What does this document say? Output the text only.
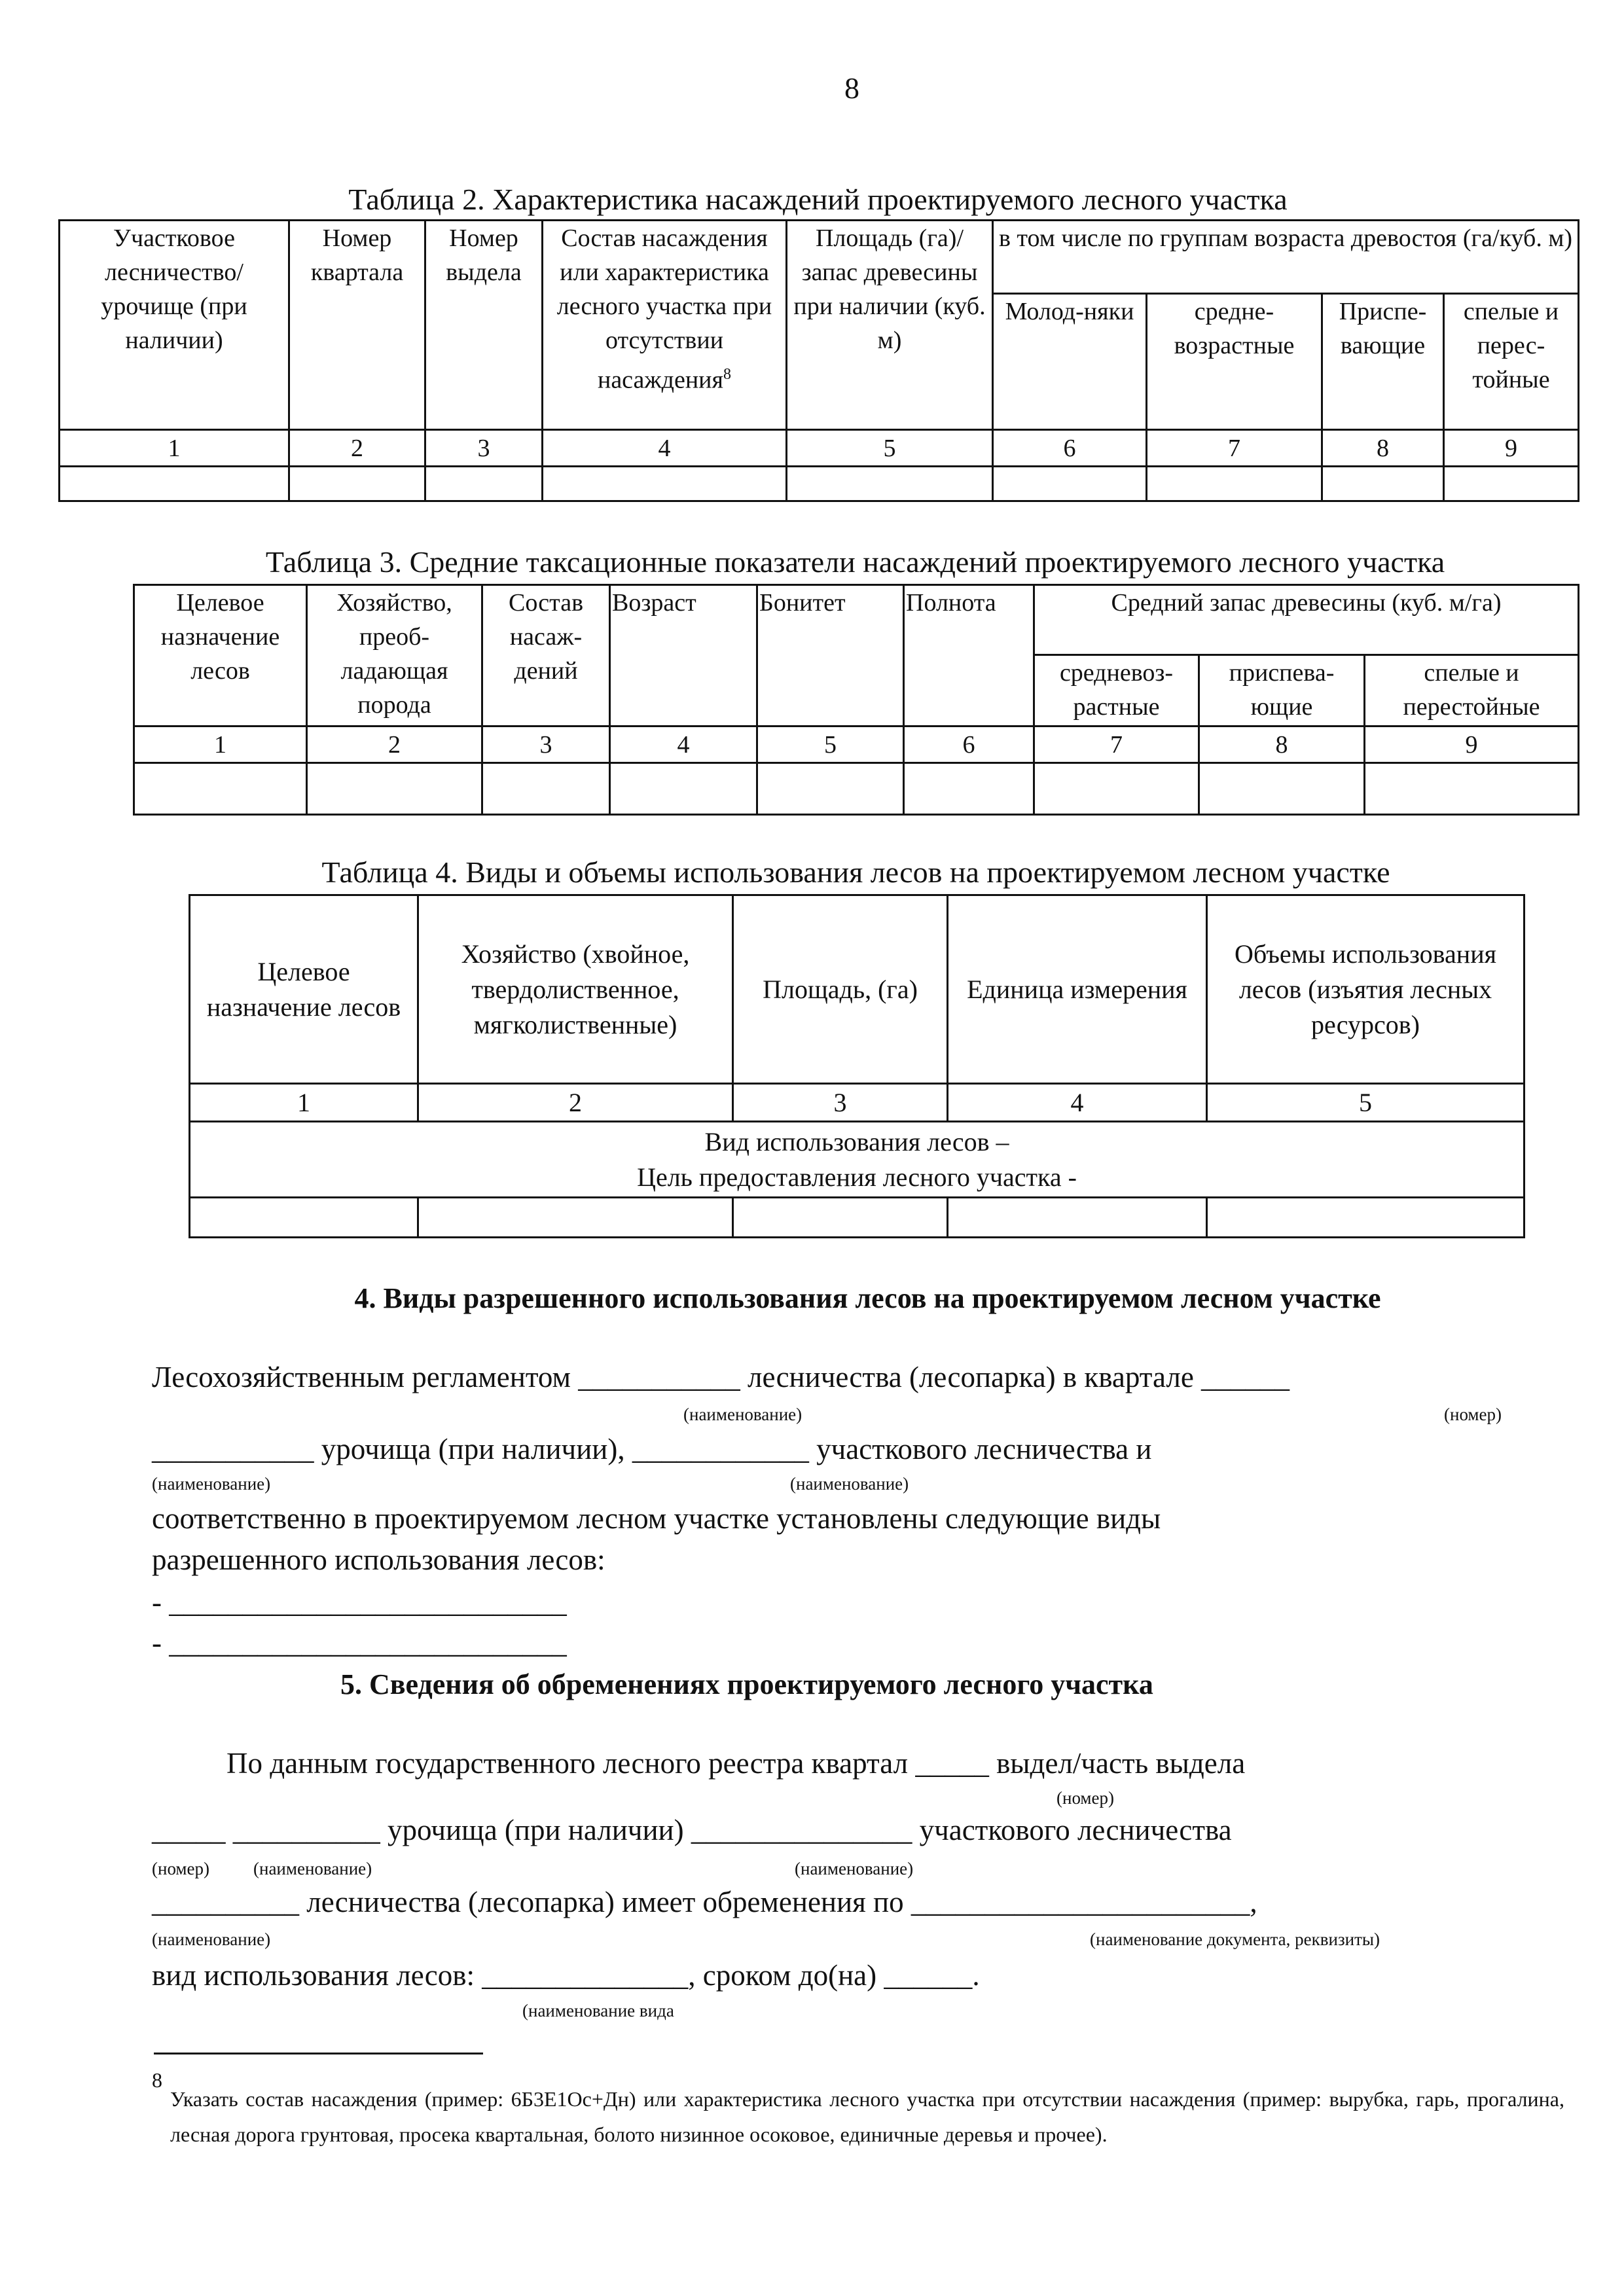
8
Таблица 2. Характеристика насаждений проектируемого лесного участка
Участковое лесничество/ урочище (при наличии)	Номер квартала	Номер выдела	Состав насаждения или характеристика лесного участка при отсутствии насаждения$^8$	Площадь (га)/ запас древесины при наличии (куб. м)	в том числе по группам возраста древостоя (га/куб. м)			
					Молод-няки	средне-возрастные	Приспе-вающие	спелые и перес-тойные
1	2	3	4	5	6	7	8	9

Таблица 3. Средние таксационные показатели насаждений проектируемого лесного участка
Целевое назначение лесов	Хозяйство, преоб-ладающая порода	Состав насаж-дений	Возраст	Бонитет	Полнота	Средний запас древесины (куб. м/га)		
						средневоз-растные	приспева-ющие	спелые и перестойные
1	2	3	4	5	6	7	8	9

Таблица 4. Виды и объемы использования лесов на проектируемом лесном участке
Целевое назначение лесов	Хозяйство (хвойное, твердолиственное, мягколиственные)	Площадь, (га)	Единица измерения	Объемы использования лесов (изъятия лесных ресурсов)
1	2	3	4	5

Вид использования лесов –
Цель предоставления лесного участка -				

4. Виды разрешенного использования лесов на проектируемом лесном участке
Лесохозяйственным регламентом ___________ лесничества (лесопарка) в квартале ______
(наименование)	(номер)
___________ урочища (при наличии), ____________ участкового лесничества и
(наименование)	(наименование)
соответственно в проектируемом лесном участке установлены следующие виды
разрешенного использования лесов:
- ___________________________
- ___________________________
5. Сведения об обременениях проектируемого лесного участка
По данным государственного лесного реестра квартал _____ выдел/часть выдела
(номер)
_____ __________ урочища (при наличии) _______________ участкового лесничества
(номер) (наименование)	(наименование)
__________ лесничества (лесопарка) имеет обременения по _______________________,
(наименование)	(наименование документа, реквизиты)
вид использования лесов: ______________, сроком до(на) ______.
(наименование вида
8
Указать состав насаждения (пример: 6Б3Е1Ос+Дн) или характеристика лесного участка при отсутствии насаждения (пример: вырубка, гарь, прогалина, лесная дорога грунтовая, просека квартальная, болото низинное осоковое, единичные деревья и прочее).
